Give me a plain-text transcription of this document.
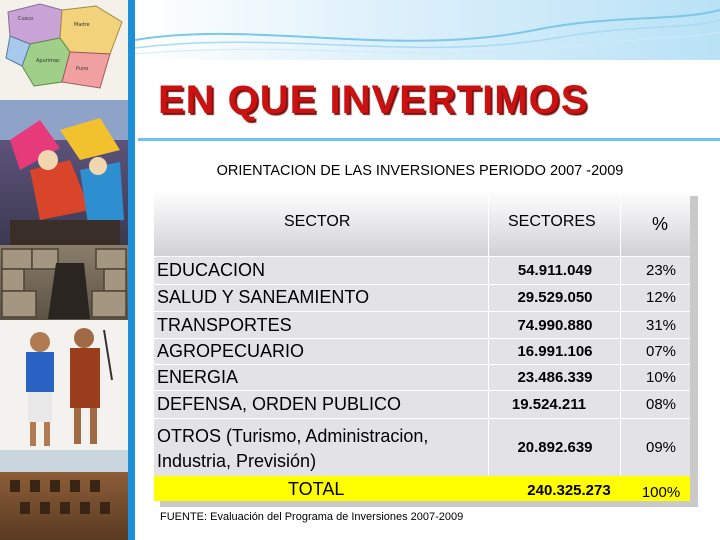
Cusco
Madre
Apurimac
Puno
EN QUE INVERTIMOS
ORIENTACION DE LAS INVERSIONES PERIODO 2007 -2009
SECTOR	SECTORES	%
EDUCACION	54.911.049	23%
SALUD Y SANEAMIENTO	29.529.050	12%
TRANSPORTES	74.990.880	31%
AGROPECUARIO	16.991.106	07%
ENERGIA	23.486.339	10%
DEFENSA, ORDEN PUBLICO	19.524.211	08%
OTROS (Turismo, Administracion,
Industria, Previsión)
20.892.639	09%
TOTAL	240.325.273	100%
FUENTE: Evaluación del Programa de Inversiones 2007-2009
